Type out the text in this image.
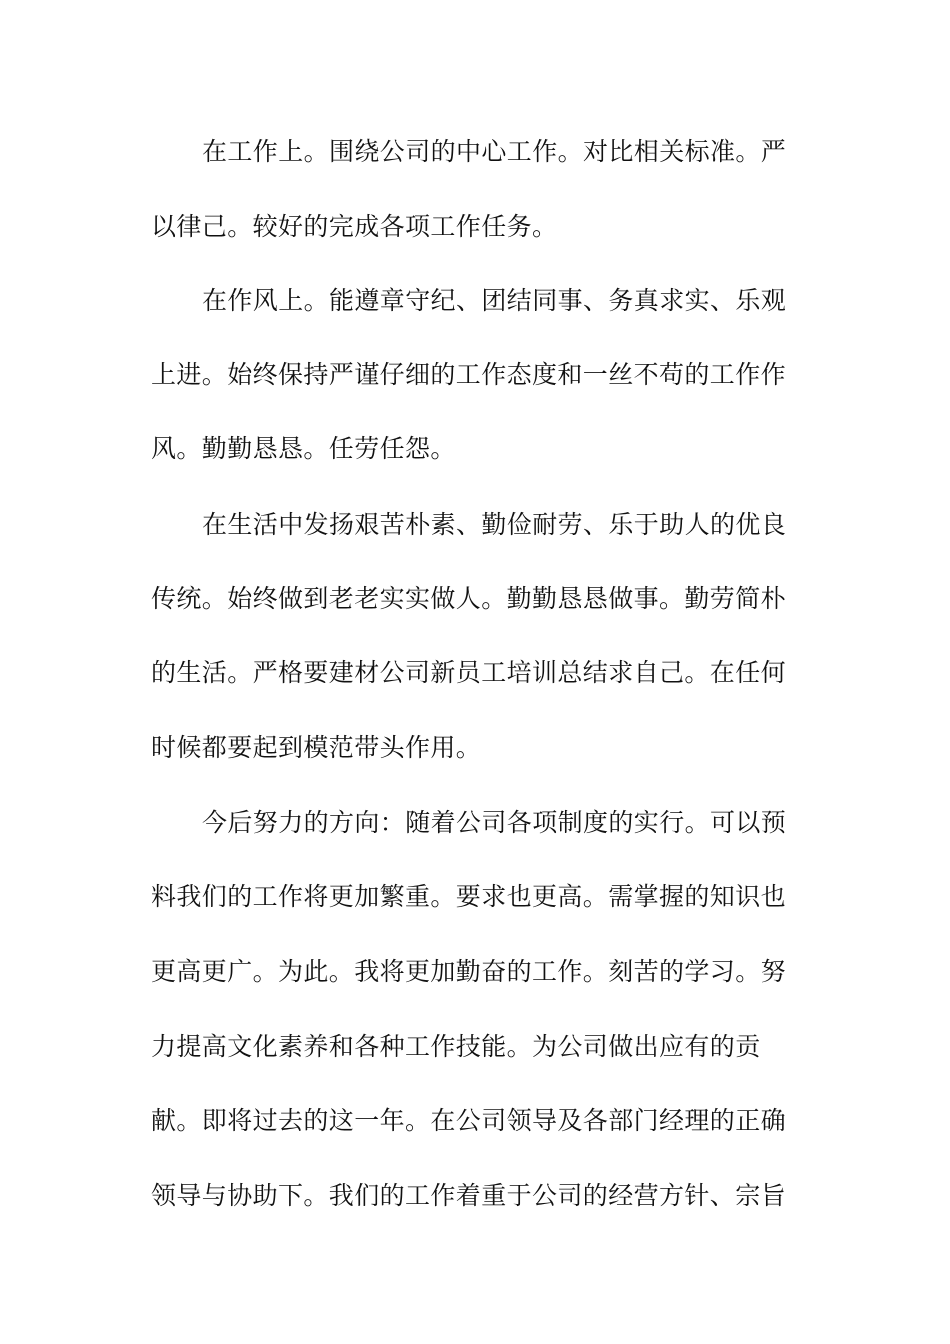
在工作上。围绕公司的中心工作。对比相关标准。严
以律己。较好的完成各项工作任务。
在作风上。能遵章守纪、团结同事、务真求实、乐观
上进。始终保持严谨仔细的工作态度和一丝不苟的工作作
风。勤勤恳恳。任劳任怨。
在生活中发扬艰苦朴素、勤俭耐劳、乐于助人的优良
传统。始终做到老老实实做人。勤勤恳恳做事。勤劳简朴
的生活。严格要建材公司新员工培训总结求自己。在任何
时候都要起到模范带头作用。
今后努力的方向：随着公司各项制度的实行。可以预
料我们的工作将更加繁重。要求也更高。需掌握的知识也
更高更广。为此。我将更加勤奋的工作。刻苦的学习。努
力提高文化素养和各种工作技能。为公司做出应有的贡
献。即将过去的这一年。在公司领导及各部门经理的正确
领导与协助下。我们的工作着重于公司的经营方针、宗旨
